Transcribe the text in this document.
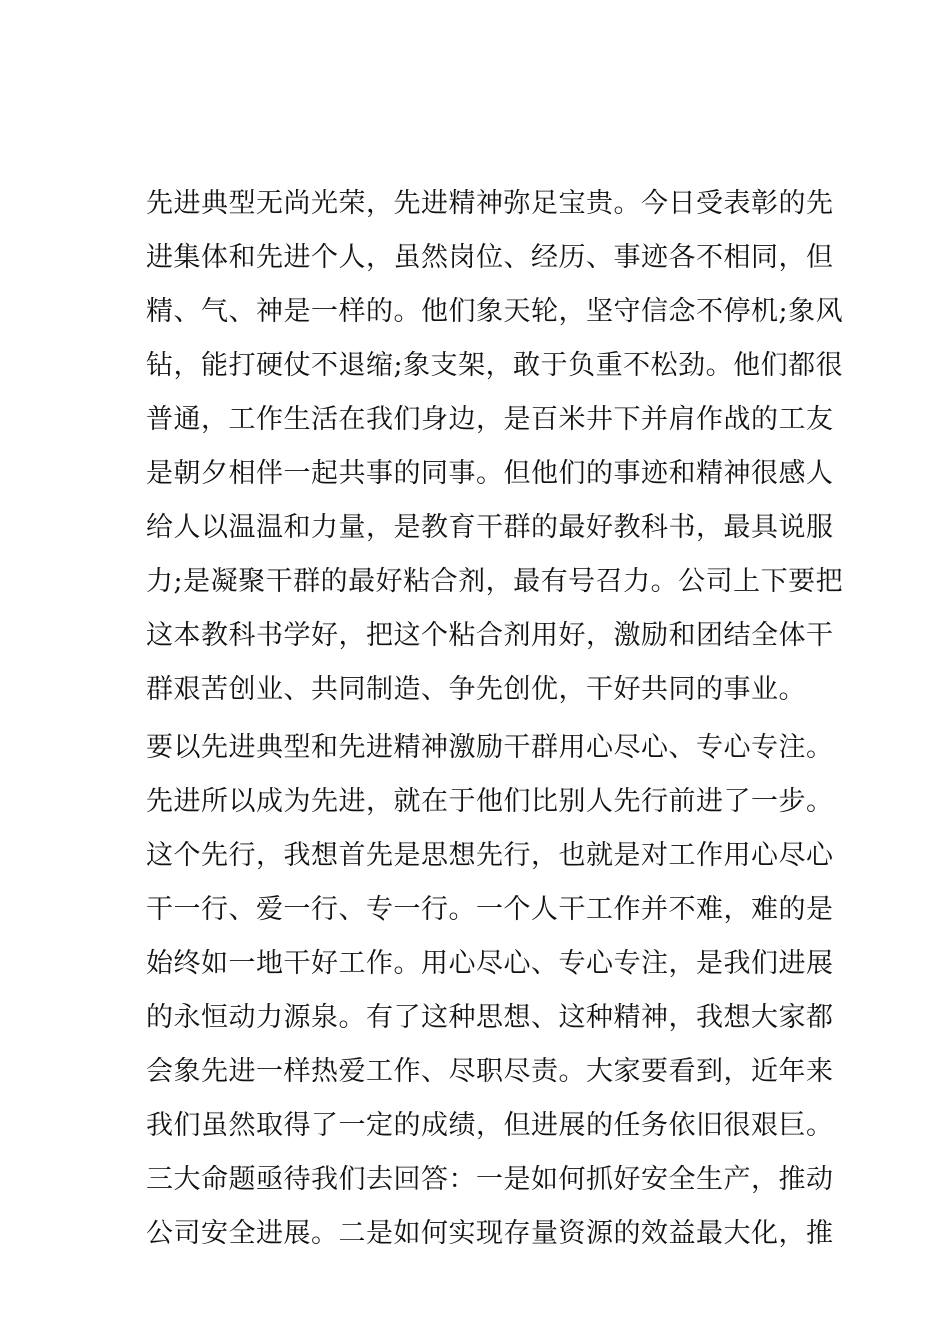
先进典型无尚光荣，先进精神弥足宝贵。今日受表彰的先
进集体和先进个人，虽然岗位、经历、事迹各不相同，但
精、气、神是一样的。他们象天轮，坚守信念不停机;象风
钻，能打硬仗不退缩;象支架，敢于负重不松劲。他们都很
普通，工作生活在我们身边，是百米井下并肩作战的工友
是朝夕相伴一起共事的同事。但他们的事迹和精神很感人
给人以温温和力量，是教育干群的最好教科书，最具说服
力;是凝聚干群的最好粘合剂，最有号召力。公司上下要把
这本教科书学好，把这个粘合剂用好，激励和团结全体干
群艰苦创业、共同制造、争先创优，干好共同的事业。
要以先进典型和先进精神激励干群用心尽心、专心专注。
先进所以成为先进，就在于他们比别人先行前进了一步。
这个先行，我想首先是思想先行，也就是对工作用心尽心
干一行、爱一行、专一行。一个人干工作并不难，难的是
始终如一地干好工作。用心尽心、专心专注，是我们进展
的永恒动力源泉。有了这种思想、这种精神，我想大家都
会象先进一样热爱工作、尽职尽责。大家要看到，近年来
我们虽然取得了一定的成绩，但进展的任务依旧很艰巨。
三大命题亟待我们去回答：一是如何抓好安全生产，推动
公司安全进展。二是如何实现存量资源的效益最大化，推
